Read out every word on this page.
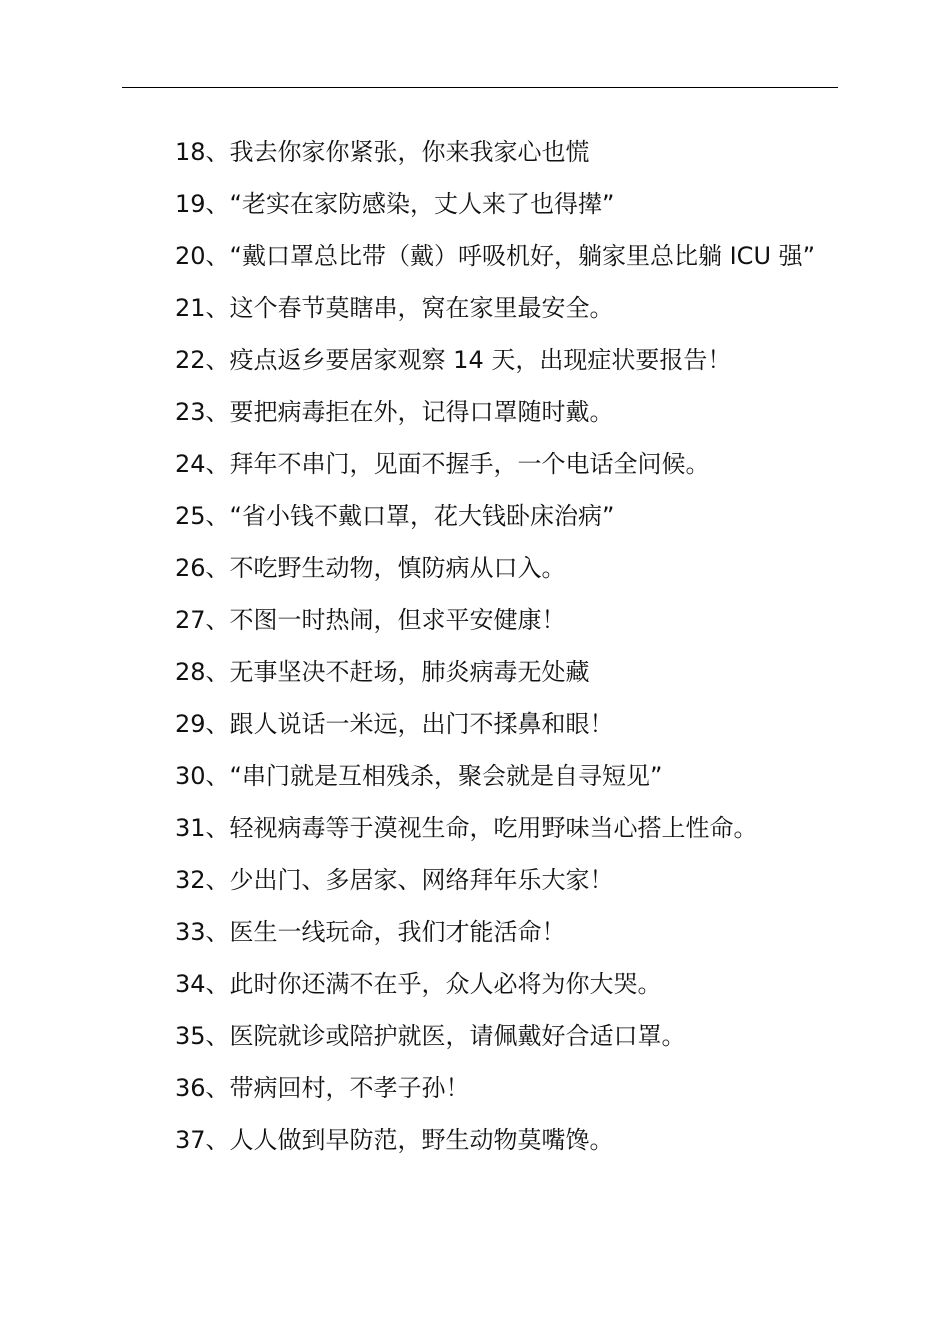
18、我去你家你紧张，你来我家心也慌

19、“老实在家防感染，丈人来了也得撵”

20、“戴口罩总比带（戴）呼吸机好，躺家里总比躺 ICU 强”

21、这个春节莫瞎串，窝在家里最安全。

22、疫点返乡要居家观察 14 天，出现症状要报告！

23、要把病毒拒在外，记得口罩随时戴。

24、拜年不串门，见面不握手，一个电话全问候。

25、“省小钱不戴口罩，花大钱卧床治病”

26、不吃野生动物，慎防病从口入。

27、不图一时热闹，但求平安健康！

28、无事坚决不赶场，肺炎病毒无处藏

29、跟人说话一米远，出门不揉鼻和眼！

30、“串门就是互相残杀，聚会就是自寻短见”

31、轻视病毒等于漠视生命，吃用野味当心搭上性命。

32、少出门、多居家、网络拜年乐大家！

33、医生一线玩命，我们才能活命！

34、此时你还满不在乎，众人必将为你大哭。

35、医院就诊或陪护就医，请佩戴好合适口罩。

36、带病回村，不孝子孙！

37、人人做到早防范，野生动物莫嘴馋。
